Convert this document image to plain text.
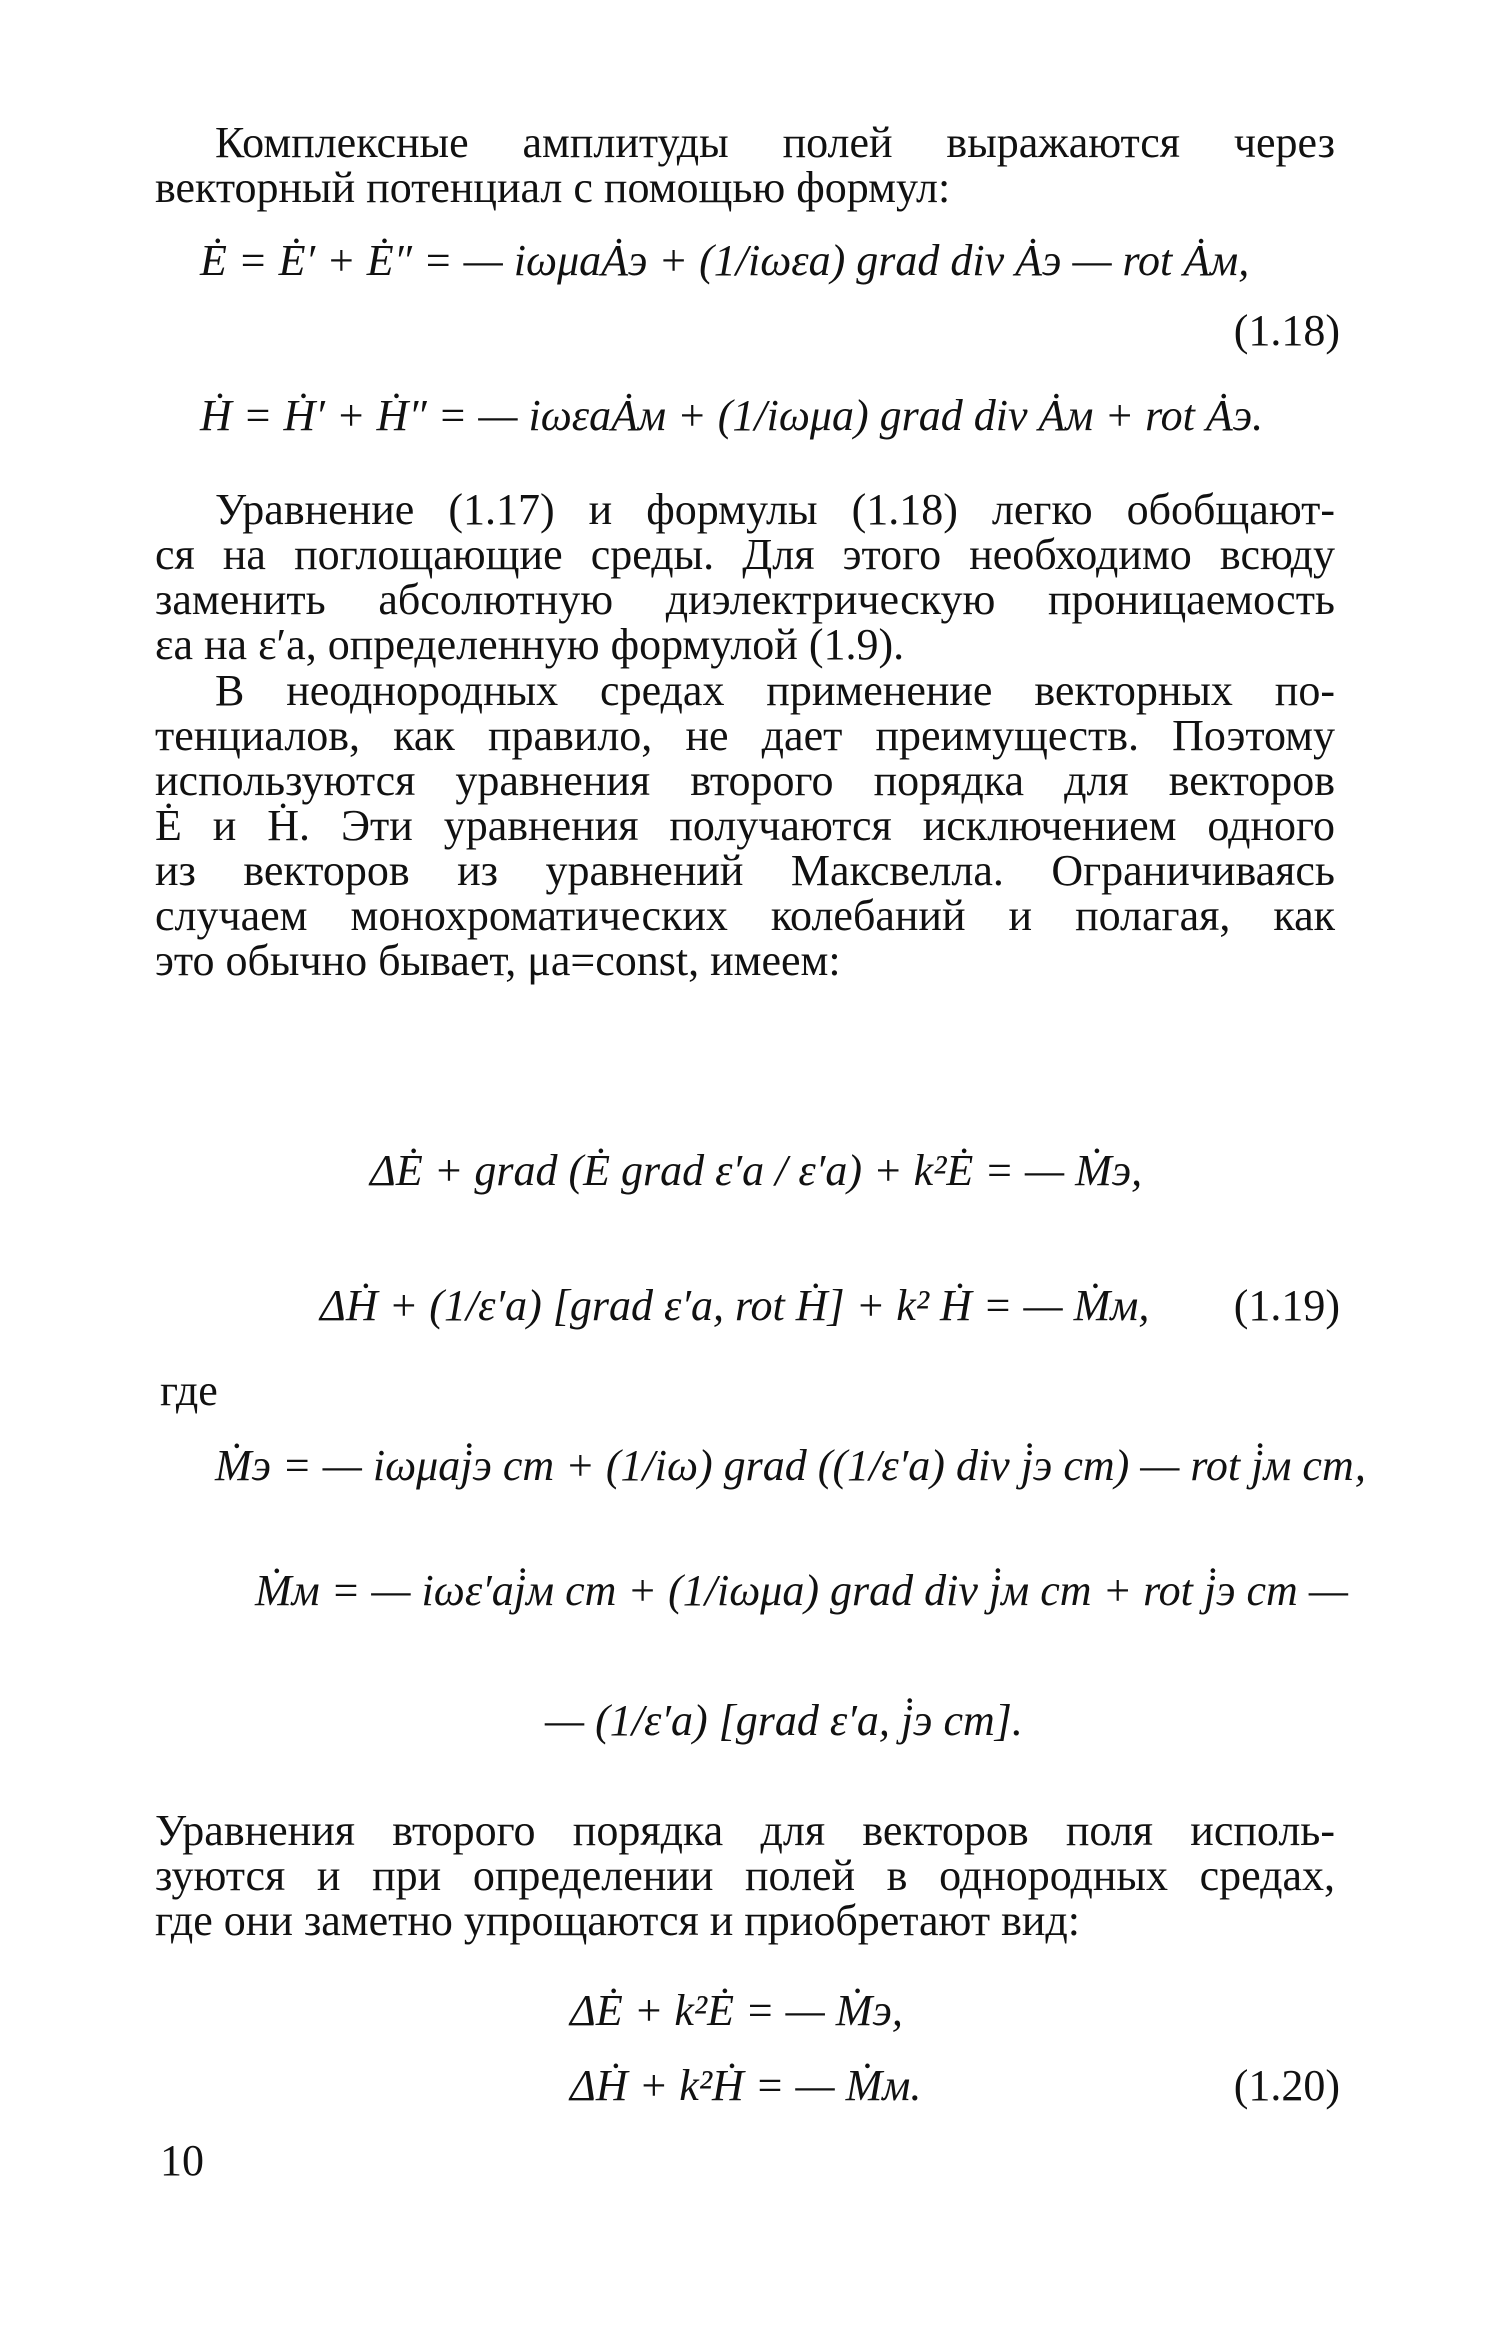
Комплексные амплитуды полей выражаются через
векторный потенциал с помощью формул:
Ė = Ė′ + Ė″ = — iωμaȦэ + (1/iωεa) grad div Ȧэ — rot Ȧм,
(1.18)
Ḣ = Ḣ′ + Ḣ″ = — iωεaȦм + (1/iωμa) grad div Ȧм + rot Ȧэ.
Уравнение (1.17) и формулы (1.18) легко обобщают-
ся на поглощающие среды. Для этого необходимо всюду
заменить абсолютную диэлектрическую проницаемость
εa на ε′a, определенную формулой (1.9).
В неоднородных средах применение векторных по-
тенциалов, как правило, не дает преимуществ. Поэтому
используются уравнения второго порядка для векторов
Ė и Ḣ. Эти уравнения получаются исключением одного
из векторов из уравнений Максвелла. Ограничиваясь
случаем монохроматических колебаний и полагая, как
это обычно бывает, μa=const, имеем:
ΔĖ + grad (Ė grad ε′a / ε′a) + k²Ė = — Ṁэ,
ΔḢ + (1/ε′a) [grad ε′a, rot Ḣ] + k² Ḣ = — Ṁм, (1.19)
где
Ṁэ = — iωμaj̇э ст + (1/iω) grad ((1/ε′a) div j̇э ст) — rot j̇м ст,
Ṁм = — iωε′aj̇м ст + (1/iωμa) grad div j̇м ст + rot j̇э ст —
— (1/ε′a) [grad ε′a, j̇э ст].
Уравнения второго порядка для векторов поля исполь-
зуются и при определении полей в однородных средах,
где они заметно упрощаются и приобретают вид:
ΔĖ + k²Ė = — Ṁэ,
ΔḢ + k²Ḣ = — Ṁм.	(1.20)
10
